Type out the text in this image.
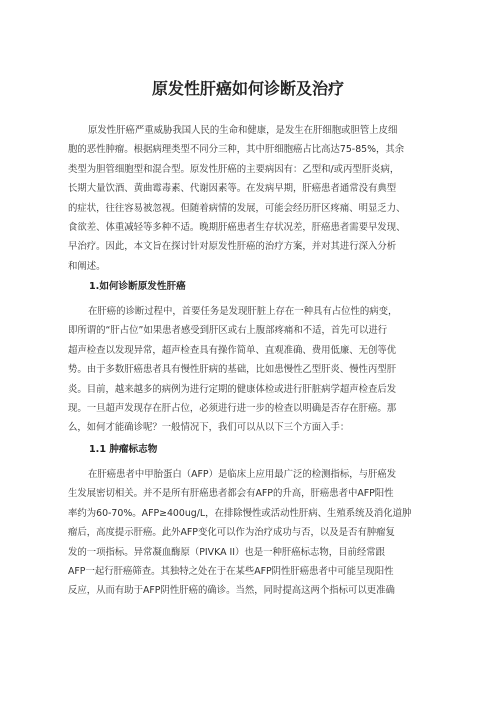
原发性肝癌如何诊断及治疗
原发性肝癌严重威胁我国人民的生命和健康，是发生在肝细胞或胆管上皮细
胞的恶性肿瘤。根据病理类型不同分三种，其中肝细胞癌占比高达75-85%，其余
类型为胆管细胞型和混合型。原发性肝癌的主要病因有：乙型和/或丙型肝炎病，
长期大量饮酒、黄曲霉毒素、代谢因素等。在发病早期，肝癌患者通常没有典型
的症状，往往容易被忽视。但随着病情的发展，可能会经历肝区疼痛、明显乏力、
食欲差、体重减轻等多种不适。晚期肝癌患者生存状况差，肝癌患者需要早发现、
早治疗。因此，本文旨在探讨针对原发性肝癌的治疗方案，并对其进行深入分析
和阐述。
1.如何诊断原发性肝癌
在肝癌的诊断过程中，首要任务是发现肝脏上存在一种具有占位性的病变，
即所谓的“肝占位”如果患者感受到肝区或右上腹部疼痛和不适，首先可以进行
超声检查以发现异常，超声检查具有操作简单、直观准确、费用低廉、无创等优
势。由于多数肝癌患者具有慢性肝病的基础，比如患慢性乙型肝炎、慢性丙型肝
炎。目前，越来越多的病例为进行定期的健康体检或进行肝脏病学超声检查后发
现。一旦超声发现存在肝占位，必须进行进一步的检查以明确是否存在肝癌。那
么，如何才能确诊呢？一般情况下，我们可以从以下三个方面入手：
1.1 肿瘤标志物
在肝癌患者中甲胎蛋白（AFP）是临床上应用最广泛的检测指标，与肝癌发
生发展密切相关。并不是所有肝癌患者都会有AFP的升高，肝癌患者中AFP阳性
率约为60-70%。AFP≥400ug/L，在排除慢性或活动性肝病、生殖系统及消化道肿
瘤后，高度提示肝癌。此外AFP变化可以作为治疗成功与否，以及是否有肿瘤复
发的一项指标。异常凝血酶原（PIVKA II）也是一种肝癌标志物，目前经常跟
AFP一起行肝癌筛查。其独特之处在于在某些AFP阴性肝癌患者中可能呈现阳性
反应，从而有助于AFP阴性肝癌的确诊。当然，同时提高这两个指标可以更准确
